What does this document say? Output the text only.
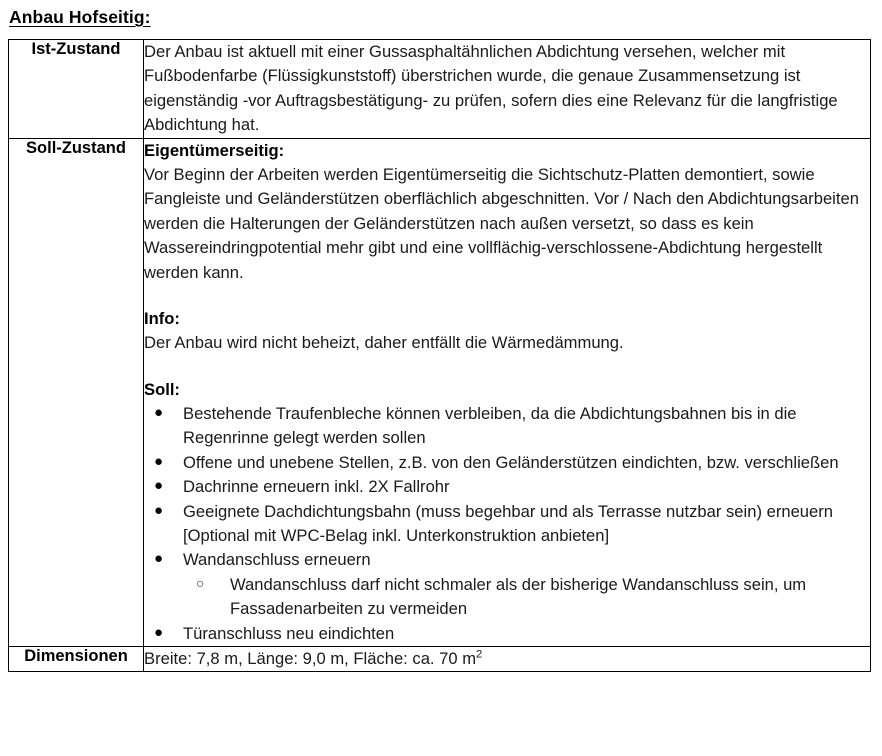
Anbau Hofseitig:
Ist-Zustand	Der Anbau ist aktuell mit einer Gussasphaltähnlichen Abdichtung versehen, welcher mit Fußbodenfarbe (Flüssigkunststoff) überstrichen wurde, die genaue Zusammensetzung ist eigenständig -vor Auftragsbestätigung- zu prüfen, sofern dies eine Relevanz für die langfristige Abdichtung hat.

Soll-Zustand	Eigentümerseitig:

Vor Beginn der Arbeiten werden Eigentümerseitig die Sichtschutz-Platten demontiert, sowie Fangleiste und Geländerstützen oberflächlich abgeschnitten. Vor / Nach den Abdichtungsarbeiten werden die Halterungen der Geländerstützen nach außen versetzt, so dass es kein Wassereindringpotential mehr gibt und eine vollflächig-verschlossene-Abdichtung hergestellt werden kann.

Info:

Der Anbau wird nicht beheizt, daher entfällt die Wärmedämmung.

Soll:

● Bestehende Traufenbleche können verbleiben, da die Abdichtungsbahnen bis in die Regenrinne gelegt werden sollen
● Offene und unebene Stellen, z.B. von den Geländerstützen eindichten, bzw. verschließen
● Dachrinne erneuern inkl. 2X Fallrohr
● Geeignete Dachdichtungsbahn (muss begehbar und als Terrasse nutzbar sein) erneuern [Optional mit WPC-Belag inkl. Unterkonstruktion anbieten]
● Wandanschluss erneuern
○ Wandanschluss darf nicht schmaler als der bisherige Wandanschluss sein, um Fassadenarbeiten zu vermeiden
● Türanschluss neu eindichten

Dimensionen	Breite: 7,8 m, Länge: 9,0 m, Fläche: ca. 70 $m^2$
